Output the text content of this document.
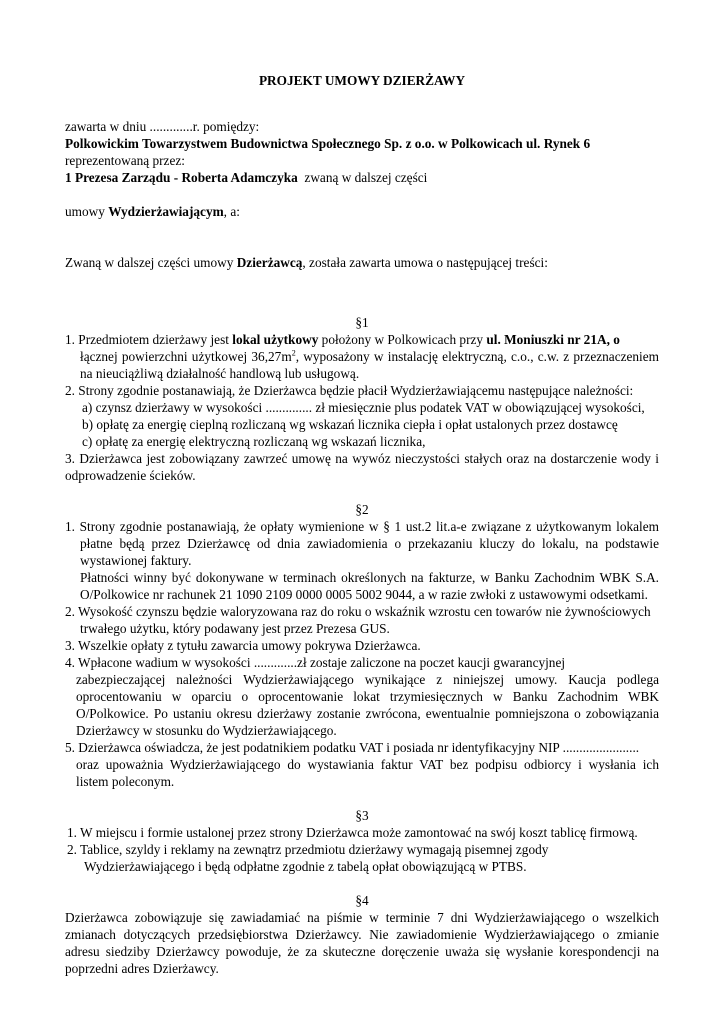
PROJEKT UMOWY DZIERŻAWY
zawarta w dniu .............r. pomiędzy:
Polkowickim Towarzystwem Budownictwa Społecznego Sp. z o.o. w Polkowicach ul. Rynek 6
reprezentowaną przez:
1 Prezesa Zarządu - Roberta Adamczyka  zwaną w dalszej części
umowy Wydzierżawiającym, a:
Zwaną w dalszej części umowy Dzierżawcą, została zawarta umowa o następującej treści:
§1
1. Przedmiotem dzierżawy jest lokal użytkowy położony w Polkowicach przy ul. Moniuszki nr 21A, o
łącznej powierzchni użytkowej $36,27m^2$, wyposażony w instalację elektryczną, c.o., c.w. z przeznaczeniem
na nieuciążliwą działalność handlową lub usługową.
2. Strony zgodnie postanawiają, że Dzierżawca będzie płacił Wydzierżawiającemu następujące należności:
a) czynsz dzierżawy w wysokości .............. zł miesięcznie plus podatek VAT w obowiązującej wysokości,
b) opłatę za energię cieplną rozliczaną wg wskazań licznika ciepła i opłat ustalonych przez dostawcę
c) opłatę za energię elektryczną rozliczaną wg wskazań licznika,
3. Dzierżawca jest zobowiązany zawrzeć umowę na wywóz nieczystości stałych oraz na dostarczenie wody i
odprowadzenie ścieków.
§2
1. Strony zgodnie postanawiają, że opłaty wymienione w § 1 ust.2 lit.a-e związane z użytkowanym lokalem
płatne będą przez Dzierżawcę od dnia zawiadomienia o przekazaniu kluczy do lokalu, na podstawie
wystawionej faktury.
Płatności winny być dokonywane w terminach określonych na fakturze, w Banku Zachodnim WBK S.A.
O/Polkowice nr rachunek 21 1090 2109 0000 0005 5002 9044, a w razie zwłoki z ustawowymi odsetkami.
2. Wysokość czynszu będzie waloryzowana raz do roku o wskaźnik wzrostu cen towarów nie żywnościowych
trwałego użytku, który podawany jest przez Prezesa GUS.
3. Wszelkie opłaty z tytułu zawarcia umowy pokrywa Dzierżawca.
4. Wpłacone wadium w wysokości .............zł zostaje zaliczone na poczet kaucji gwarancyjnej
zabezpieczającej należności Wydzierżawiającego wynikające z niniejszej umowy. Kaucja podlega
oprocentowaniu w oparciu o oprocentowanie lokat trzymiesięcznych w Banku Zachodnim WBK
O/Polkowice. Po ustaniu okresu dzierżawy zostanie zwrócona, ewentualnie pomniejszona o zobowiązania
Dzierżawcy w stosunku do Wydzierżawiającego.
5. Dzierżawca oświadcza, że jest podatnikiem podatku VAT i posiada nr identyfikacyjny NIP .......................
oraz upoważnia Wydzierżawiającego do wystawiania faktur VAT bez podpisu odbiorcy i wysłania ich
listem poleconym.
§3
1. W miejscu i formie ustalonej przez strony Dzierżawca może zamontować na swój koszt tablicę firmową.
2. Tablice, szyldy i reklamy na zewnątrz przedmiotu dzierżawy wymagają pisemnej zgody
Wydzierżawiającego i będą odpłatne zgodnie z tabelą opłat obowiązującą w PTBS.
§4
Dzierżawca zobowiązuje się zawiadamiać na piśmie w terminie 7 dni Wydzierżawiającego o wszelkich
zmianach dotyczących przedsiębiorstwa Dzierżawcy. Nie zawiadomienie Wydzierżawiającego o zmianie
adresu siedziby Dzierżawcy powoduje, że za skuteczne doręczenie uważa się wysłanie korespondencji na
poprzedni adres Dzierżawcy.
